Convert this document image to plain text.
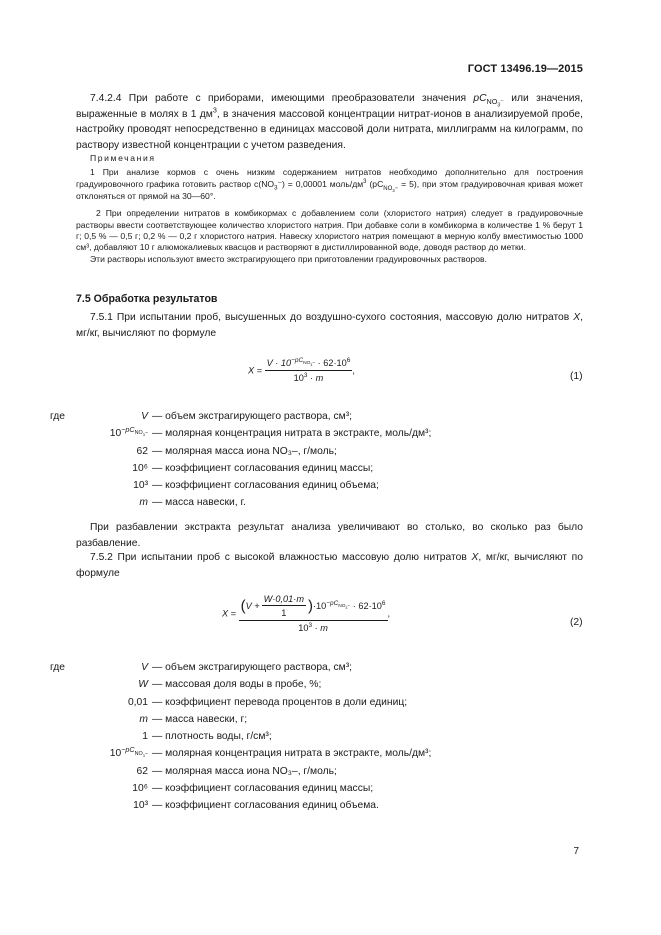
ГОСТ 13496.19—2015
7.4.2.4 При работе с приборами, имеющими преобразователи значения $pC_{NO_3^-}$ или значения, выраженные в молях в 1 $дм^3$, в значения массовой концентрации нитрат-ионов в анализируемой пробе, настройку проводят непосредственно в единицах массовой доли нитрата, миллиграмм на килограмм, по раствору известной концентрации с учетом разведения.

Примечания

1 При анализе кормов с очень низким содержанием нитратов необходимо дополнительно для построения градуировочного графика готовить раствор $c(NO_3^-) = 0,00001$ моль/$дм^3$ $(pC_{NO_3-} = 5)$, при этом градуировочная кривая может отклоняться от прямой на 30—60°.

2 При определении нитратов в комбикормах с добавлением соли (хлористого натрия) следует в градуировочные растворы ввести соответствующее количество хлористого натрия. При добавке соли в комбикорма в количестве 1 % берут 1 г; 0,5 % — 0,5 г; 0,2 % — 0,2 г хлористого натрия. Навеску хлористого натрия помещают в мерную колбу вместимостью 1000 см³, добавляют 10 г алюмокалиевых квасцов и растворяют в дистиллированной воде, доводя раствор до метки.

Эти растворы используют вместо экстрагирующего при приготовлении градуировочных растворов.

7.5 Обработка результатов
7.5.1 При испытании проб, высушенных до воздушно-сухого состояния, массовую долю нитратов X, мг/кг, вычисляют по формуле
$X = \frac{V \cdot 10^{-pC_{NO_3-}} \cdot 62\cdot 10^6}{10^3 \cdot m}$ ,
(1)
где	V — объем экстрагирующего раствора, см³;
$10^{-pC_{NO_3-}}$ — молярная концентрация нитрата в экстракте, моль/дм³;
62 — молярная масса иона NO₃–, г/моль;
10⁶ — коэффициент согласования единиц массы;
10³ — коэффициент согласования единиц объема;
m — масса навески, г.
При разбавлении экстракта результат анализа увеличивают во столько, во сколько раз было разбавление.
7.5.2 При испытании проб с высокой влажностью массовую долю нитратов X, мг/кг, вычисляют по формуле
$X = \frac{(V + \frac{W\cdot 0,01\cdot m}{1} )\cdot 10^{-pC_{NO_3-}} \cdot 62\cdot 10^6}{10^3 \cdot m}$ ,
(2)
где	V — объем экстрагирующего раствора, см³;
W — массовая доля воды в пробе, %;
0,01 — коэффициент перевода процентов в доли единиц;
m — масса навески, г;
1 — плотность воды, г/см³;
$10^{-pC_{NO_3-}}$ — молярная концентрация нитрата в экстракте, моль/дм³;
62 — молярная масса иона NO₃–, г/моль;
10⁶ — коэффициент согласования единиц массы;
10³ — коэффициент согласования единиц объема.
7
